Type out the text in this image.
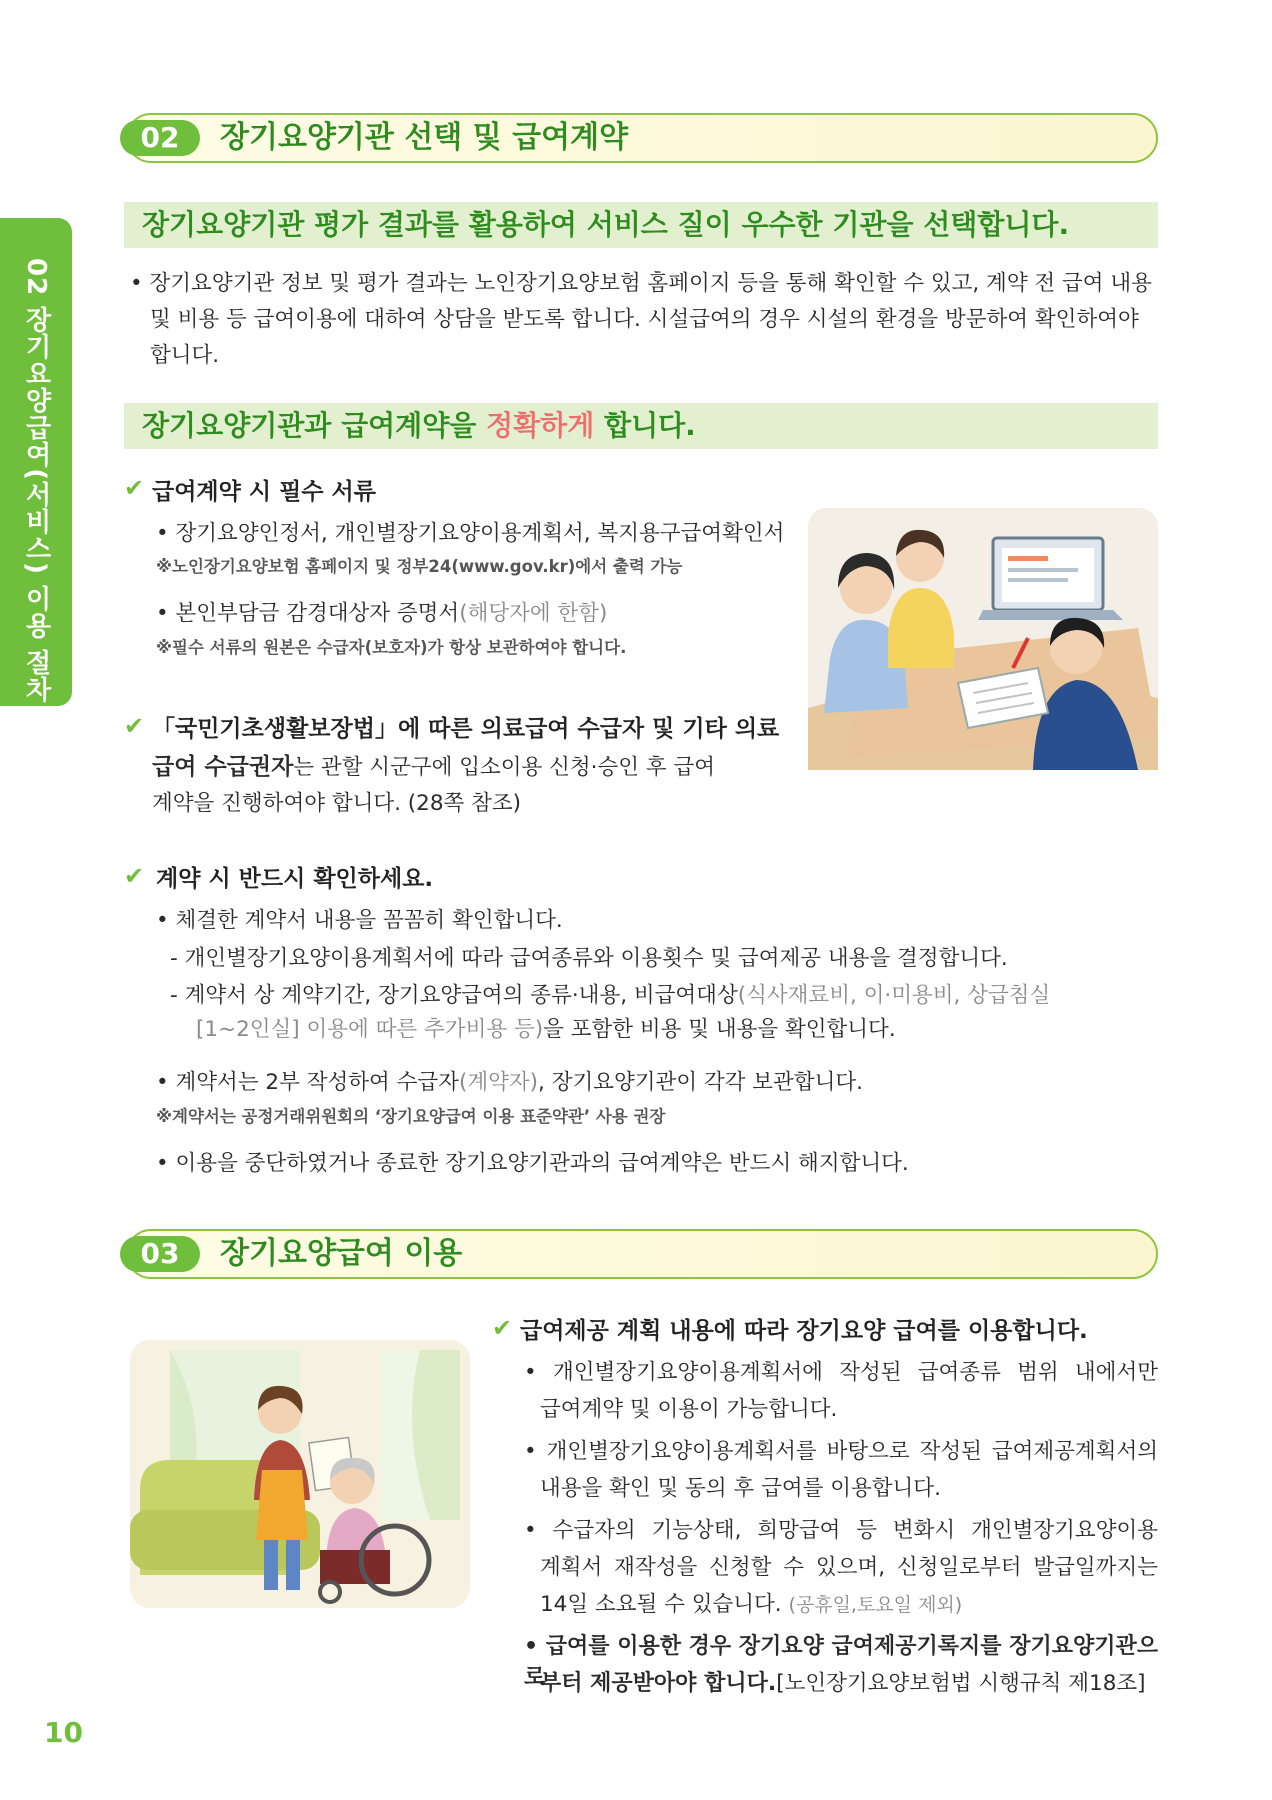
02 장기요양급여(서비스) 이용 절차
02	장기요양기관 선택 및 급여계약
장기요양기관 평가 결과를 활용하여 서비스 질이 우수한 기관을 선택합니다.
• 장기요양기관 정보 및 평가 결과는 노인장기요양보험 홈페이지 등을 통해 확인할 수 있고, 계약 전 급여 내용
및 비용 등 급여이용에 대하여 상담을 받도록 합니다. 시설급여의 경우 시설의 환경을 방문하여 확인하여야
합니다.
장기요양기관과 급여계약을 정확하게 합니다.
✔ 급여계약 시 필수 서류
• 장기요양인정서, 개인별장기요양이용계획서, 복지용구급여확인서
※노인장기요양보험 홈페이지 및 정부24(www.gov.kr)에서 출력 가능
• 본인부담금 감경대상자 증명서(해당자에 한함)
※필수 서류의 원본은 수급자(보호자)가 항상 보관하여야 합니다.
✔ 「국민기초생활보장법」에 따른 의료급여 수급자 및 기타 의료
급여 수급권자는 관할 시군구에 입소이용 신청·승인 후 급여
계약을 진행하여야 합니다. (28쪽 참조)
✔ 계약 시 반드시 확인하세요.
• 체결한 계약서 내용을 꼼꼼히 확인합니다.
- 개인별장기요양이용계획서에 따라 급여종류와 이용횟수 및 급여제공 내용을 결정합니다.
- 계약서 상 계약기간, 장기요양급여의 종류·내용, 비급여대상(식사재료비, 이·미용비, 상급침실
[1~2인실] 이용에 따른 추가비용 등)을 포함한 비용 및 내용을 확인합니다.
• 계약서는 2부 작성하여 수급자(계약자), 장기요양기관이 각각 보관합니다.
※계약서는 공정거래위원회의 ‘장기요양급여 이용 표준약관’ 사용 권장
• 이용을 중단하였거나 종료한 장기요양기관과의 급여계약은 반드시 해지합니다.
03	장기요양급여 이용
✔ 급여제공 계획 내용에 따라 장기요양 급여를 이용합니다.
• 개인별장기요양이용계획서에 작성된 급여종류 범위 내에서만
급여계약 및 이용이 가능합니다.
• 개인별장기요양이용계획서를 바탕으로 작성된 급여제공계획서의
내용을 확인 및 동의 후 급여를 이용합니다.
• 수급자의 기능상태, 희망급여 등 변화시 개인별장기요양이용
계획서 재작성을 신청할 수 있으며, 신청일로부터 발급일까지는
14일 소요될 수 있습니다. (공휴일,토요일 제외)
• 급여를 이용한 경우 장기요양 급여제공기록지를 장기요양기관으로
부터 제공받아야 합니다.[노인장기요양보험법 시행규칙 제18조]
10
